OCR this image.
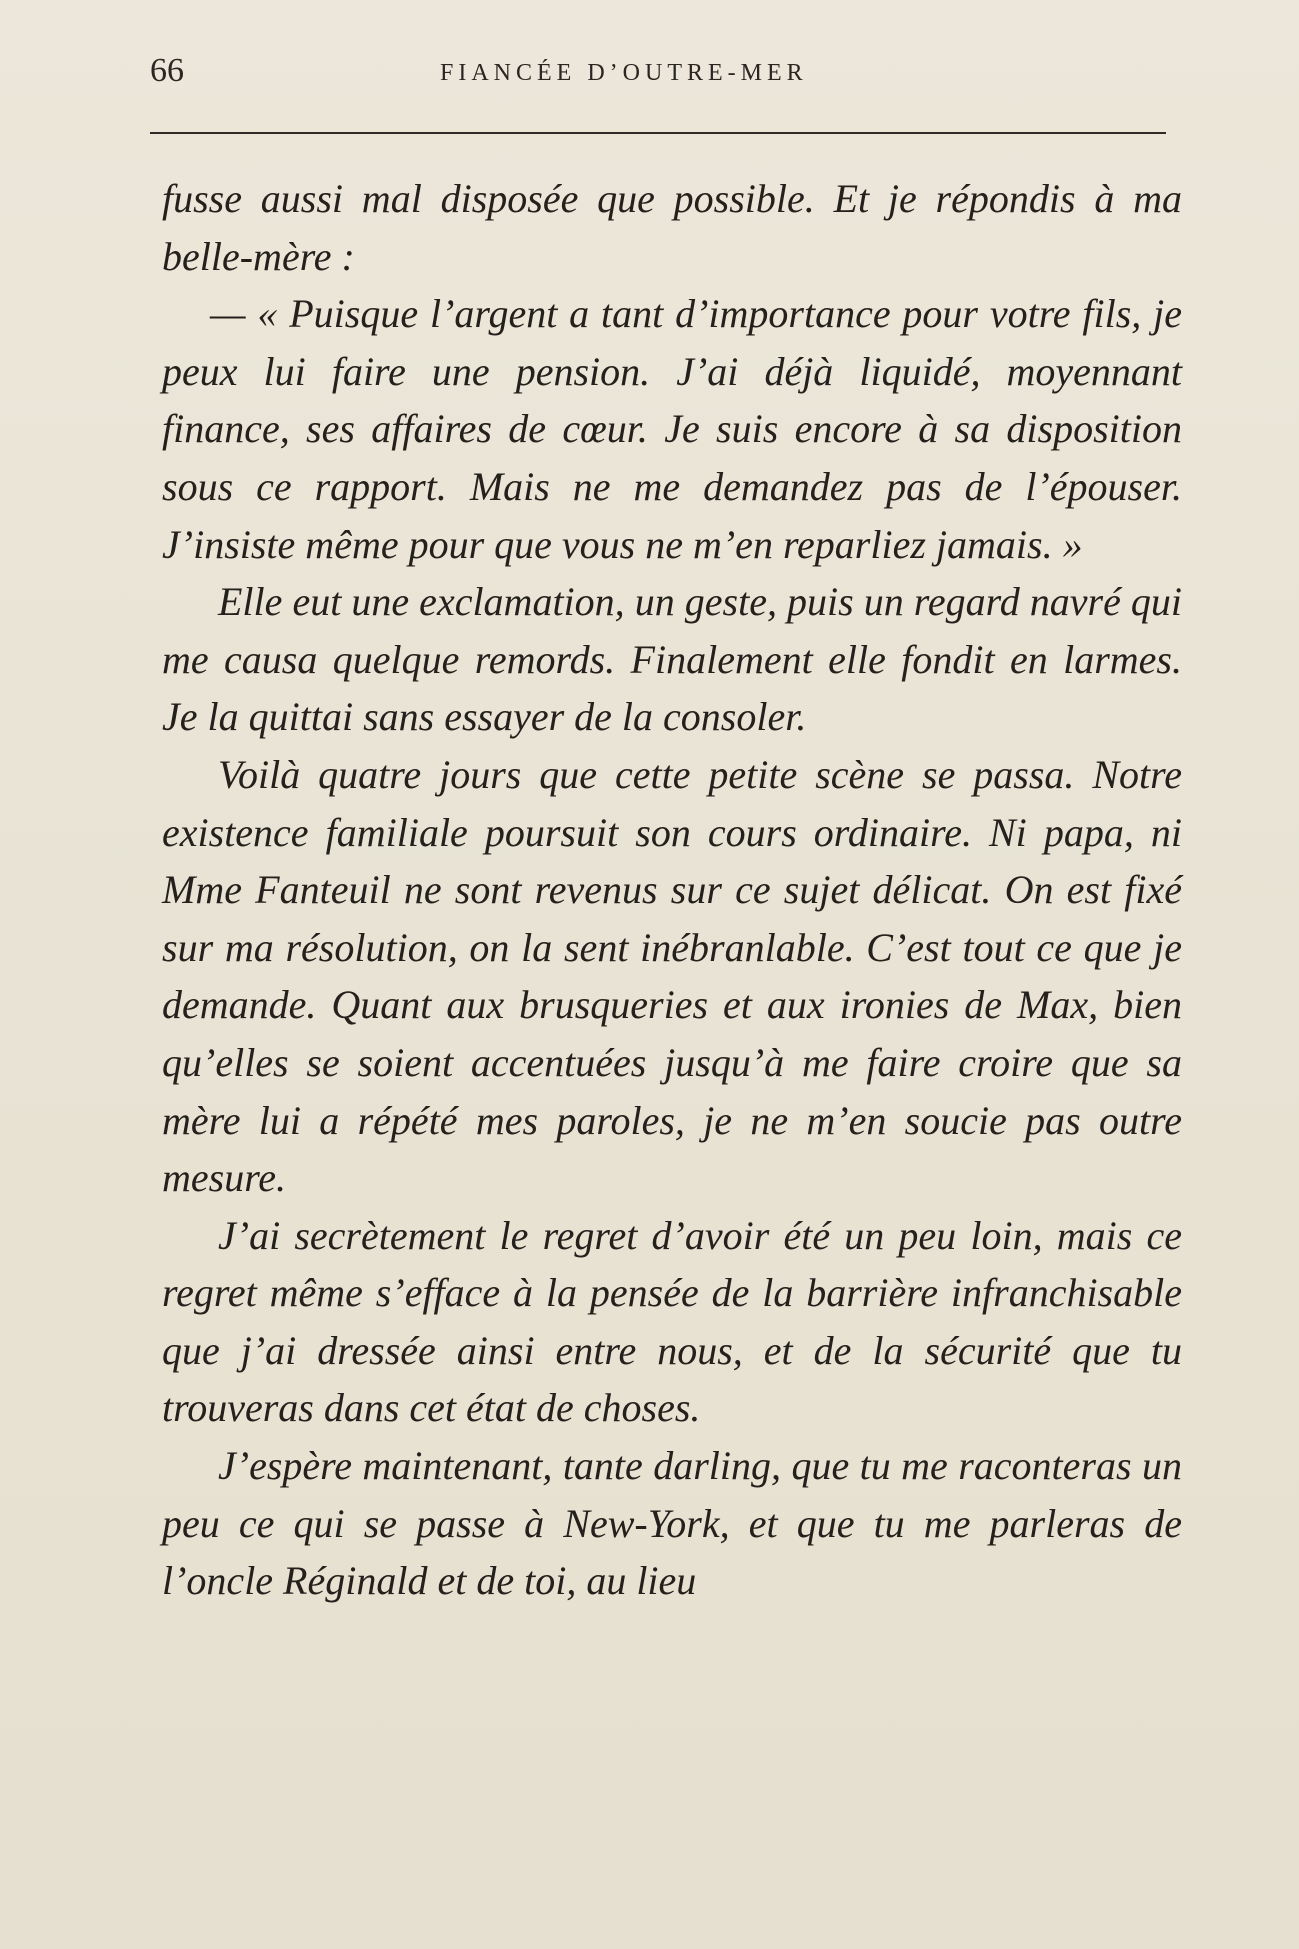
66	FIANCÉE D’OUTRE-MER

fusse aussi mal disposée que possible. Et je répondis à ma belle-mère :

— « Puisque l’argent a tant d’importance pour votre fils, je peux lui faire une pension. J’ai déjà liquidé, moyennant finance, ses affaires de cœur. Je suis encore à sa disposition sous ce rapport. Mais ne me demandez pas de l’épouser. J’insiste même pour que vous ne m’en reparliez jamais. »

Elle eut une exclamation, un geste, puis un regard navré qui me causa quelque remords. Finalement elle fondit en larmes. Je la quittai sans essayer de la consoler.

Voilà quatre jours que cette petite scène se passa. Notre existence familiale poursuit son cours ordinaire. Ni papa, ni Mme Fanteuil ne sont revenus sur ce sujet délicat. On est fixé sur ma résolution, on la sent inébranlable. C’est tout ce que je demande. Quant aux brusqueries et aux ironies de Max, bien qu’elles se soient accentuées jusqu’à me faire croire que sa mère lui a répété mes paroles, je ne m’en soucie pas outre mesure.

J’ai secrètement le regret d’avoir été un peu loin, mais ce regret même s’efface à la pensée de la barrière infranchisable que j’ai dressée ainsi entre nous, et de la sécurité que tu trouveras dans cet état de choses.

J’espère maintenant, tante darling, que tu me raconteras un peu ce qui se passe à New-York, et que tu me parleras de l’oncle Réginald et de toi, au lieu
